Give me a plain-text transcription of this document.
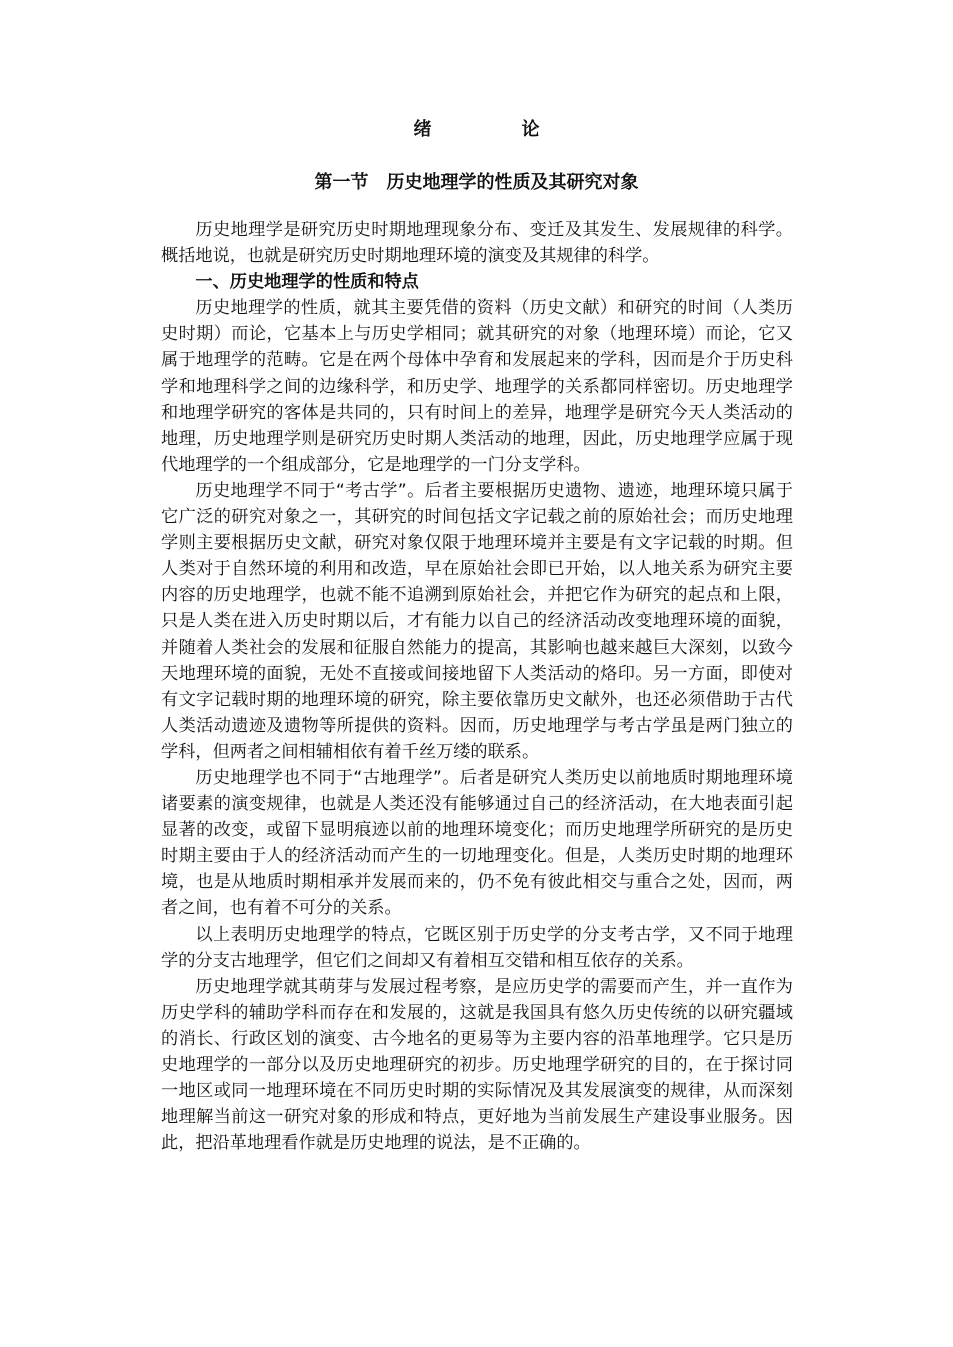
绪　论
第一节　历史地理学的性质及其研究对象

历史地理学是研究历史时期地理现象分布、变迁及其发生、发展规律的科学。概括地说，也就是研究历史时期地理环境的演变及其规律的科学。

一、历史地理学的性质和特点

历史地理学的性质，就其主要凭借的资料（历史文献）和研究的时间（人类历史时期）而论，它基本上与历史学相同；就其研究的对象（地理环境）而论，它又属于地理学的范畴。它是在两个母体中孕育和发展起来的学科，因而是介于历史科学和地理科学之间的边缘科学，和历史学、地理学的关系都同样密切。历史地理学和地理学研究的客体是共同的，只有时间上的差异，地理学是研究今天人类活动的地理，历史地理学则是研究历史时期人类活动的地理，因此，历史地理学应属于现代地理学的一个组成部分，它是地理学的一门分支学科。

历史地理学不同于“考古学”。后者主要根据历史遗物、遗迹，地理环境只属于它广泛的研究对象之一，其研究的时间包括文字记载之前的原始社会；而历史地理学则主要根据历史文献，研究对象仅限于地理环境并主要是有文字记载的时期。但人类对于自然环境的利用和改造，早在原始社会即已开始，以人地关系为研究主要内容的历史地理学，也就不能不追溯到原始社会，并把它作为研究的起点和上限，只是人类在进入历史时期以后，才有能力以自己的经济活动改变地理环境的面貌，并随着人类社会的发展和征服自然能力的提高，其影响也越来越巨大深刻，以致今天地理环境的面貌，无处不直接或间接地留下人类活动的烙印。另一方面，即使对有文字记载时期的地理环境的研究，除主要依靠历史文献外，也还必须借助于古代人类活动遗迹及遗物等所提供的资料。因而，历史地理学与考古学虽是两门独立的学科，但两者之间相辅相依有着千丝万缕的联系。

历史地理学也不同于“古地理学”。后者是研究人类历史以前地质时期地理环境诸要素的演变规律，也就是人类还没有能够通过自己的经济活动，在大地表面引起显著的改变，或留下显明痕迹以前的地理环境变化；而历史地理学所研究的是历史时期主要由于人的经济活动而产生的一切地理变化。但是，人类历史时期的地理环境，也是从地质时期相承并发展而来的，仍不免有彼此相交与重合之处，因而，两者之间，也有着不可分的关系。

以上表明历史地理学的特点，它既区别于历史学的分支考古学，又不同于地理学的分支古地理学，但它们之间却又有着相互交错和相互依存的关系。

历史地理学就其萌芽与发展过程考察，是应历史学的需要而产生，并一直作为历史学科的辅助学科而存在和发展的，这就是我国具有悠久历史传统的以研究疆域的消长、行政区划的演变、古今地名的更易等为主要内容的沿革地理学。它只是历史地理学的一部分以及历史地理研究的初步。历史地理学研究的目的，在于探讨同一地区或同一地理环境在不同历史时期的实际情况及其发展演变的规律，从而深刻地理解当前这一研究对象的形成和特点，更好地为当前发展生产建设事业服务。因此，把沿革地理看作就是历史地理的说法，是不正确的。
